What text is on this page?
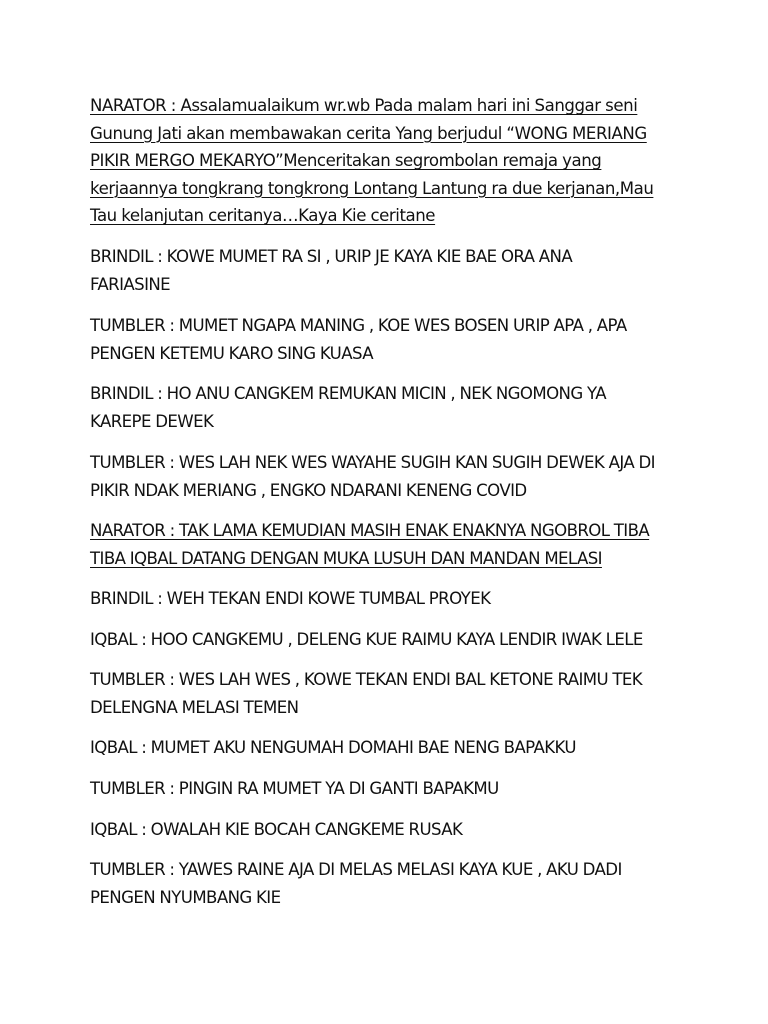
NARATOR : Assalamualaikum wr.wb Pada malam hari ini Sanggar seni
Gunung Jati akan membawakan cerita Yang berjudul “WONG MERIANG
PIKIR MERGO MEKARYO”Menceritakan segrombolan remaja yang
kerjaannya tongkrang tongkrong Lontang Lantung ra due kerjanan,Mau
Tau kelanjutan ceritanya…Kaya Kie ceritane
BRINDIL : KOWE MUMET RA SI , URIP JE KAYA KIE BAE ORA ANA
FARIASINE
TUMBLER : MUMET NGAPA MANING , KOE WES BOSEN URIP APA , APA
PENGEN KETEMU KARO SING KUASA
BRINDIL : HO ANU CANGKEM REMUKAN MICIN , NEK NGOMONG YA
KAREPE DEWEK
TUMBLER : WES LAH NEK WES WAYAHE SUGIH KAN SUGIH DEWEK AJA DI
PIKIR NDAK MERIANG , ENGKO NDARANI KENENG COVID
NARATOR : TAK LAMA KEMUDIAN MASIH ENAK ENAKNYA NGOBROL TIBA
TIBA IQBAL DATANG DENGAN MUKA LUSUH DAN MANDAN MELASI
BRINDIL : WEH TEKAN ENDI KOWE TUMBAL PROYEK
IQBAL : HOO CANGKEMU , DELENG KUE RAIMU KAYA LENDIR IWAK LELE
TUMBLER : WES LAH WES , KOWE TEKAN ENDI BAL KETONE RAIMU TEK
DELENGNA MELASI TEMEN
IQBAL : MUMET AKU NENGUMAH DOMAHI BAE NENG BAPAKKU
TUMBLER : PINGIN RA MUMET YA DI GANTI BAPAKMU
IQBAL : OWALAH KIE BOCAH CANGKEME RUSAK
TUMBLER : YAWES RAINE AJA DI MELAS MELASI KAYA KUE , AKU DADI
PENGEN NYUMBANG KIE
